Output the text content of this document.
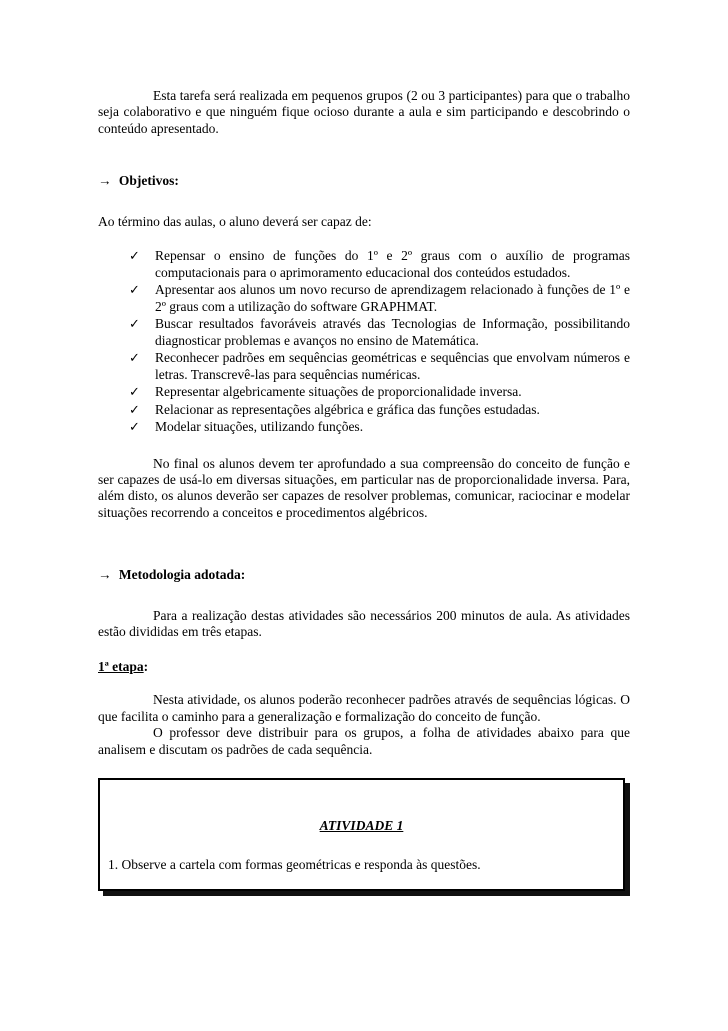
Esta tarefa será realizada em pequenos grupos (2 ou 3 participantes) para que o trabalho seja colaborativo e que ninguém fique ocioso durante a aula e sim participando e descobrindo o conteúdo apresentado.

→ Objetivos:

Ao término das aulas, o aluno deverá ser capaz de:

✓ Repensar o ensino de funções do 1º e 2º graus com o auxílio de programas computacionais para o aprimoramento educacional dos conteúdos estudados.
✓ Apresentar aos alunos um novo recurso de aprendizagem relacionado à funções de 1º e 2º graus com a utilização do software GRAPHMAT.
✓ Buscar resultados favoráveis através das Tecnologias de Informação, possibilitando diagnosticar problemas e avanços no ensino de Matemática.
✓ Reconhecer padrões em sequências geométricas e sequências que envolvam números e letras. Transcrevê-las para sequências numéricas.
✓ Representar algebricamente situações de proporcionalidade inversa.
✓ Relacionar as representações algébrica e gráfica das funções estudadas.
✓ Modelar situações, utilizando funções.

No final os alunos devem ter aprofundado a sua compreensão do conceito de função e ser capazes de usá-lo em diversas situações, em particular nas de proporcionalidade inversa. Para, além disto, os alunos deverão ser capazes de resolver problemas, comunicar, raciocinar e modelar situações recorrendo a conceitos e procedimentos algébricos.

→ Metodologia adotada:

Para a realização destas atividades são necessários 200 minutos de aula. As atividades estão divididas em três etapas.

1ª etapa:

Nesta atividade, os alunos poderão reconhecer padrões através de sequências lógicas. O que facilita o caminho para a generalização e formalização do conceito de função.

O professor deve distribuir para os grupos, a folha de atividades abaixo para que analisem e discutam os padrões de cada sequência.

ATIVIDADE 1

1. Observe a cartela com formas geométricas e responda às questões.
